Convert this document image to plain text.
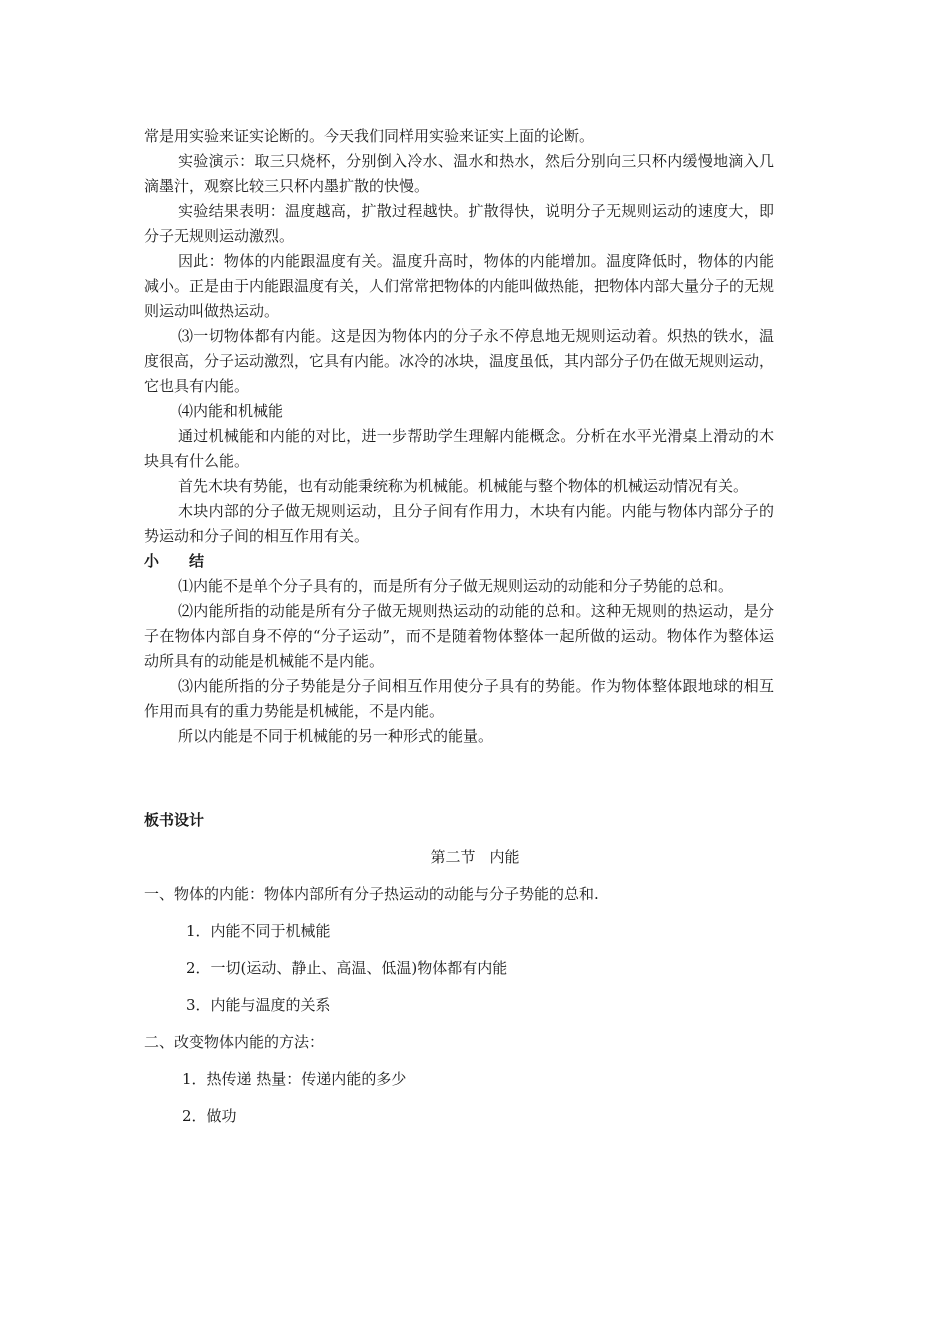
常是用实验来证实论断的。今天我们同样用实验来证实上面的论断。

实验演示：取三只烧杯，分别倒入冷水、温水和热水，然后分别向三只杯内缓慢地滴入几滴墨汁，观察比较三只杯内墨扩散的快慢。

实验结果表明：温度越高，扩散过程越快。扩散得快，说明分子无规则运动的速度大，即分子无规则运动激烈。

因此：物体的内能跟温度有关。温度升高时，物体的内能增加。温度降低时，物体的内能减小。正是由于内能跟温度有关，人们常常把物体的内能叫做热能，把物体内部大量分子的无规则运动叫做热运动。

⑶一切物体都有内能。这是因为物体内的分子永不停息地无规则运动着。炽热的铁水，温度很高，分子运动激烈，它具有内能。冰冷的冰块，温度虽低，其内部分子仍在做无规则运动，它也具有内能。

⑷内能和机械能

通过机械能和内能的对比，进一步帮助学生理解内能概念。分析在水平光滑桌上滑动的木块具有什么能。

首先木块有势能，也有动能秉统称为机械能。机械能与整个物体的机械运动情况有关。

木块内部的分子做无规则运动，且分子间有作用力，木块有内能。内能与物体内部分子的势运动和分子间的相互作用有关。

小 结

⑴内能不是单个分子具有的，而是所有分子做无规则运动的动能和分子势能的总和。

⑵内能所指的动能是所有分子做无规则热运动的动能的总和。这种无规则的热运动，是分子在物体内部自身不停的“分子运动”，而不是随着物体整体一起所做的运动。物体作为整体运动所具有的动能是机械能不是内能。

⑶内能所指的分子势能是分子间相互作用使分子具有的势能。作为物体整体跟地球的相互作用而具有的重力势能是机械能，不是内能。

所以内能是不同于机械能的另一种形式的能量。

板书设计
第二节 内能
一、物体的内能：物体内部所有分子热运动的动能与分子势能的总和.
1．内能不同于机械能
2．一切(运动、静止、高温、低温)物体都有内能
3．内能与温度的关系
二、改变物体内能的方法：
1．热传递 热量：传递内能的多少
2．做功
